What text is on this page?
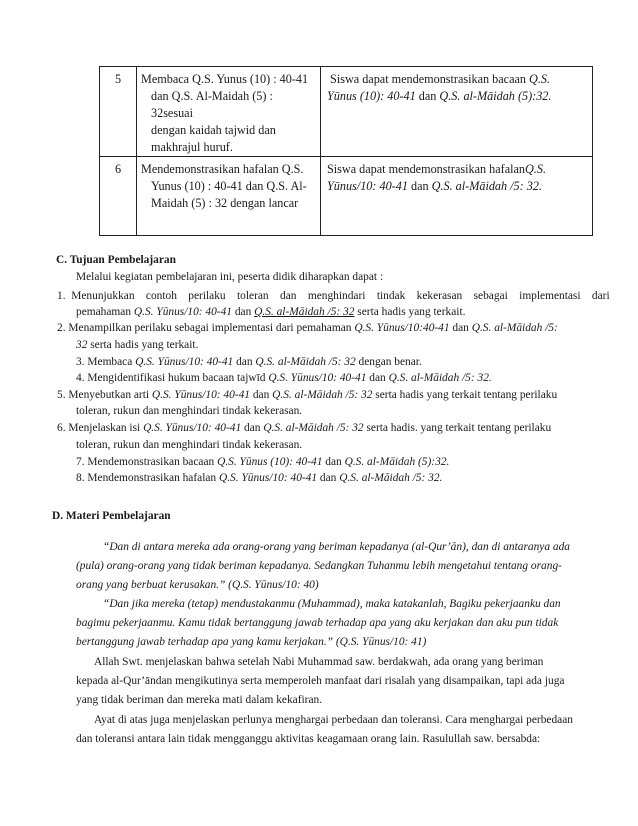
5	Membaca Q.S. Yunus (10) : 40-41
dan Q.S. Al-Maidah (5) : 32sesuai
dengan kaidah tajwid dan
makhrajul huruf.	Siswa dapat mendemonstrasikan bacaan Q.S.
Yūnus (10): 40-41 dan Q.S. al-Māidah (5):32.

6	Mendemonstrasikan hafalan Q.S.
Yunus (10) : 40-41 dan Q.S. Al-
Maidah (5) : 32 dengan lancar	Siswa dapat mendemonstrasikan hafalanQ.S.
Yūnus/10: 40-41 dan Q.S. al-Māidah /5: 32.
C. Tujuan Pembelajaran
Melalui kegiatan pembelajaran ini, peserta didik diharapkan dapat :
1.  Menunjukkan    contoh    perilaku    toleran    dan    menghindari    tindak    kekerasan    sebagai    implementasi    dari
pemahaman Q.S. Yūnus/10: 40-41 dan Q.S. al-Māidah /5: 32 serta hadis yang terkait.
2. Menampilkan perilaku sebagai implementasi dari pemahaman Q.S. Yūnus/10:40-41 dan Q.S. al-Māidah /5:
32 serta hadis yang terkait.
3. Membaca Q.S. Yūnus/10: 40-41 dan Q.S. al-Māidah /5: 32 dengan benar.
4. Mengidentifikasi hukum bacaan tajwīd Q.S. Yūnus/10: 40-41 dan Q.S. al-Māidah /5: 32.
5. Menyebutkan arti Q.S. Yūnus/10: 40-41 dan Q.S. al-Māidah /5: 32 serta hadis yang terkait tentang perilaku
toleran, rukun dan menghindari tindak kekerasan.
6. Menjelaskan isi Q.S. Yūnus/10: 40-41 dan Q.S. al-Māidah /5: 32 serta hadis. yang terkait tentang perilaku
toleran, rukun dan menghindari tindak kekerasan.
7. Mendemonstrasikan bacaan Q.S. Yūnus (10): 40-41 dan Q.S. al-Māidah (5):32.
8. Mendemonstrasikan hafalan Q.S. Yūnus/10: 40-41 dan Q.S. al-Māidah /5: 32.
D. Materi Pembelajaran
“Dan di antara mereka ada orang-orang yang beriman kepadanya (al-Qur’ān), dan di antaranya ada
(pula) orang-orang yang tidak beriman kepadanya. Sedangkan Tuhanmu lebih mengetahui tentang orang-
orang yang berbuat kerusakan.” (Q.S. Yūnus/10: 40)
“Dan jika mereka (tetap) mendustakanmu (Muhammad), maka katakanlah, Bagiku pekerjaanku dan
bagimu pekerjaanmu. Kamu tidak bertanggung jawab terhadap apa yang aku kerjakan dan aku pun tidak
bertanggung jawab terhadap apa yang kamu kerjakan.” (Q.S. Yūnus/10: 41)
Allah Swt. menjelaskan bahwa setelah Nabi Muhammad saw. berdakwah, ada orang yang beriman
kepada al-Qur’āndan mengikutinya serta memperoleh manfaat dari risalah yang disampaikan, tapi ada juga
yang tidak beriman dan mereka mati dalam kekafiran.
Ayat di atas juga menjelaskan perlunya menghargai perbedaan dan toleransi. Cara menghargai perbedaan
dan toleransi antara lain tidak mengganggu aktivitas keagamaan orang lain. Rasulullah saw. bersabda:
